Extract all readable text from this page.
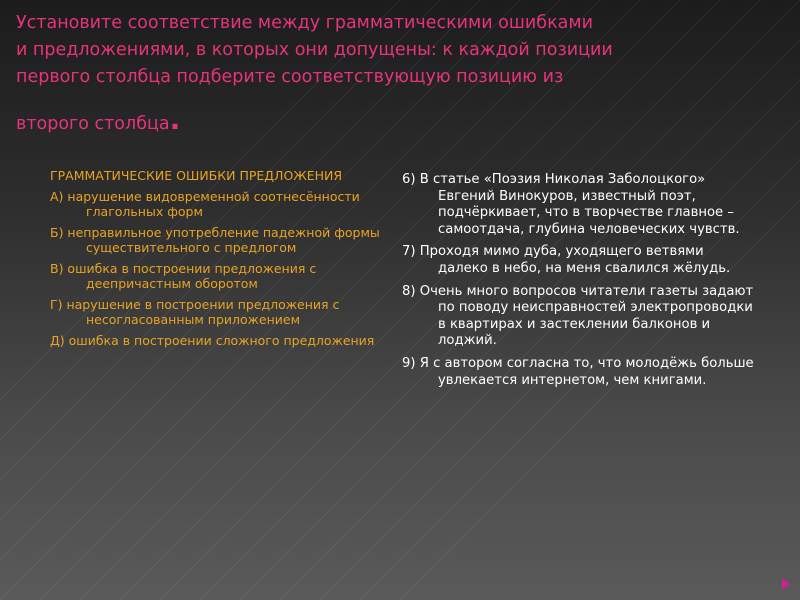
Установите соответствие между грамматическими ошибками
и предложениями, в которых они допущены: к каждой позиции
первого столбца подберите соответствующую позицию из
второго столбца.

ГРАММАТИЧЕСКИЕ ОШИБКИ ПРЕДЛОЖЕНИЯ

А) нарушение видовременной соотнесённости глагольных форм

Б) неправильное употребление падежной формы существительного с предлогом

В) ошибка в построении предложения с деепричастным оборотом

Г) нарушение в построении предложения с несогласованным приложением

Д) ошибка в построении сложного предложения

6) В статье «Поэзия Николая Заболоцкого» Евгений Винокуров, известный поэт, подчёркивает, что в творчестве главное – самоотдача, глубина человеческих чувств.

7) Проходя мимо дуба, уходящего ветвями далеко в небо, на меня свалился жёлудь.

8) Очень много вопросов читатели газеты задают по поводу неисправностей электропроводки в квартирах и застеклении балконов и лоджий.

9) Я с автором согласна то, что молодёжь больше увлекается интернетом, чем книгами.
